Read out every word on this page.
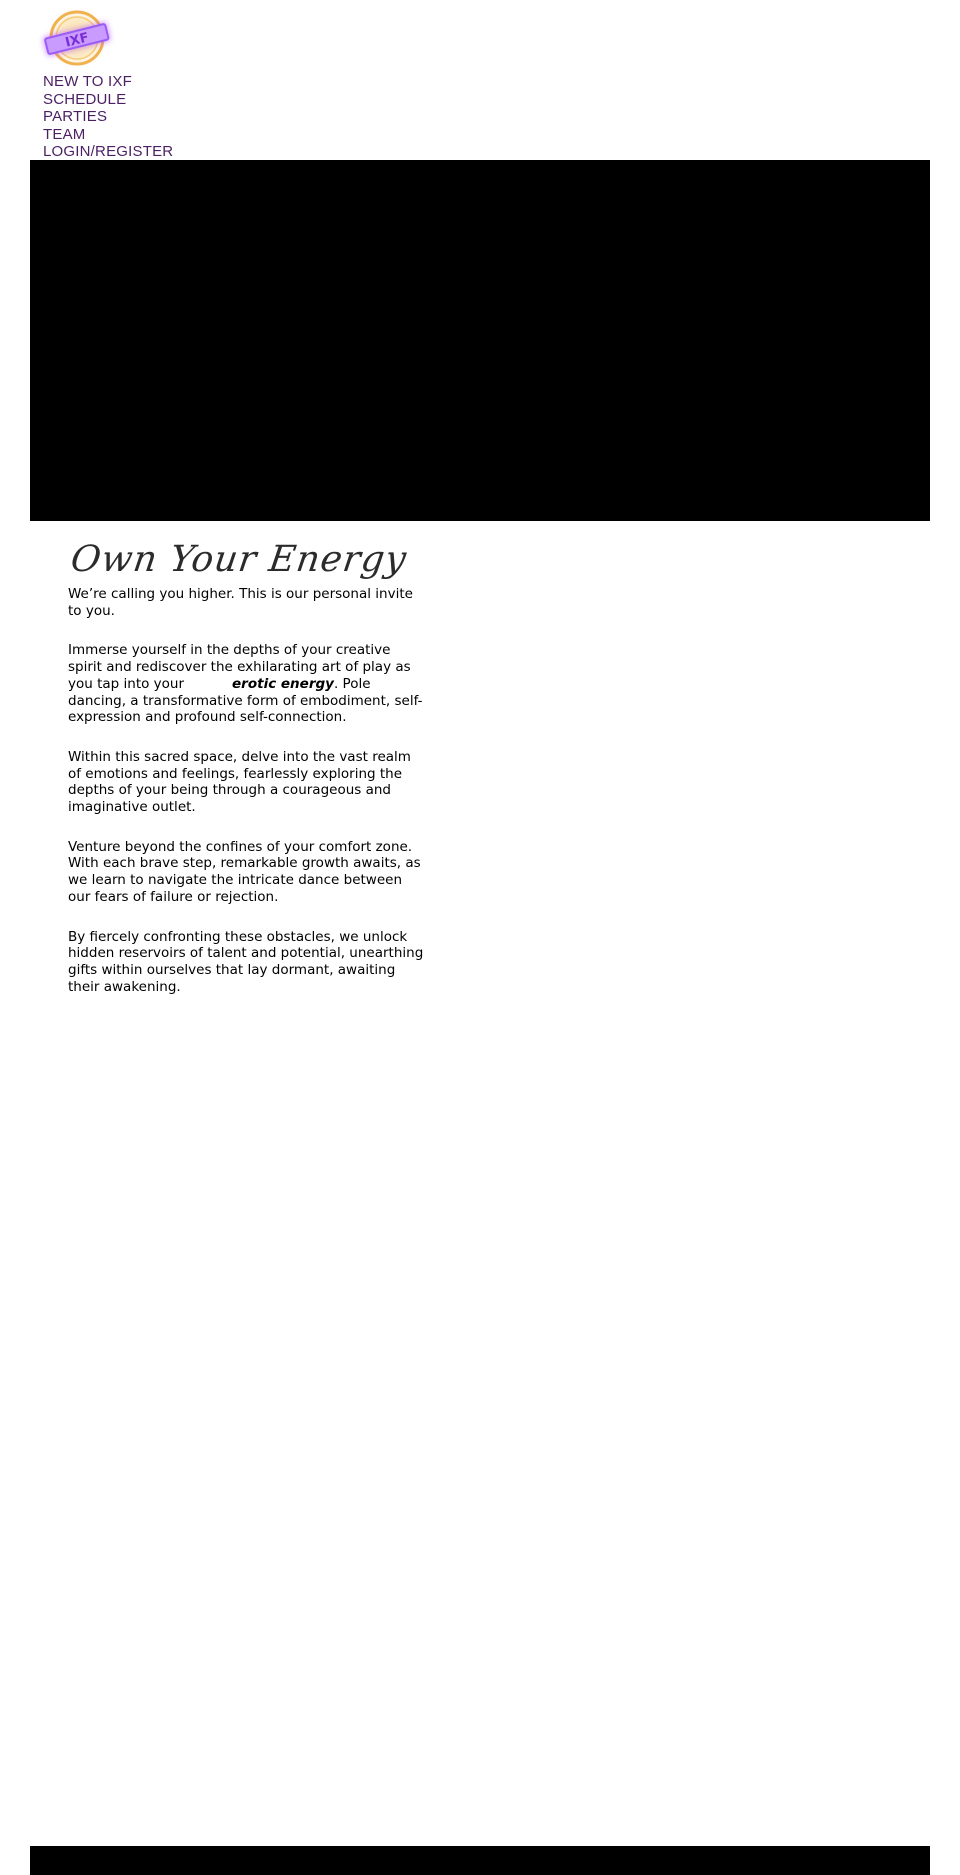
IXF
NEW TO IXF
SCHEDULE
PARTIES
TEAM
LOGIN/REGISTER
Own Your Energy

We’re calling you higher. This is our personal invite to you.

Immerse yourself in the depths of your creative spirit and rediscover the exhilarating art of play as you tap into your	erotic energy. Pole dancing, a transformative form of embodiment, self-expression and profound self-connection.

Within this sacred space, delve into the vast realm of emotions and feelings, fearlessly exploring the depths of your being through a courageous and imaginative outlet.

Venture beyond the confines of your comfort zone. With each brave step, remarkable growth awaits, as we learn to navigate the intricate dance between our fears of failure or rejection.

By fiercely confronting these obstacles, we unlock hidden reservoirs of talent and potential, unearthing gifts within ourselves that lay dormant, awaiting their awakening.
